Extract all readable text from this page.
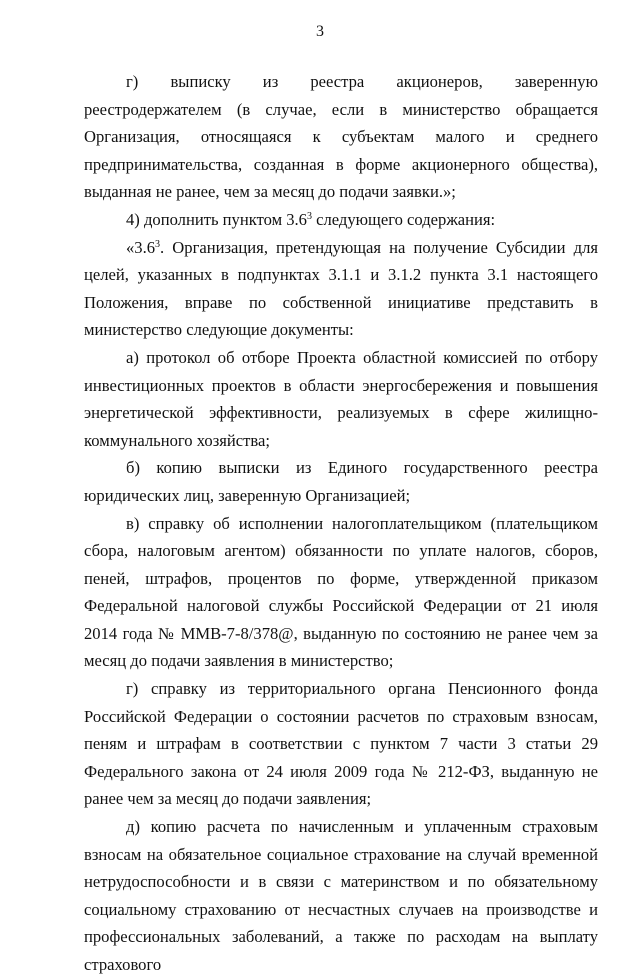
3

г) выписку из реестра акционеров, заверенную реестродержателем (в случае, если в министерство обращается Организация, относящаяся к субъектам малого и среднего предпринимательства, созданная в форме акционерного общества), выданная не ранее, чем за месяц до подачи заявки.»;

4) дополнить пунктом $3.6^3$ следующего содержания:

«$3.6^3$. Организация, претендующая на получение Субсидии для целей, указанных в подпунктах 3.1.1 и 3.1.2 пункта 3.1 настоящего Положения, вправе по собственной инициативе представить в министерство следующие документы:

а) протокол об отборе Проекта областной комиссией по отбору инвестиционных проектов в области энергосбережения и повышения энергетической эффективности, реализуемых в сфере жилищно-коммунального хозяйства;

б) копию выписки из Единого государственного реестра юридических лиц, заверенную Организацией;

в) справку об исполнении налогоплательщиком (плательщиком сбора, налоговым агентом) обязанности по уплате налогов, сборов, пеней, штрафов, процентов по форме, утвержденной приказом Федеральной налоговой службы Российской Федерации от 21 июля 2014 года № ММВ-7-8/378@, выданную по состоянию не ранее чем за месяц до подачи заявления в министерство;

г) справку из территориального органа Пенсионного фонда Российской Федерации о состоянии расчетов по страховым взносам, пеням и штрафам в соответствии с пунктом 7 части 3 статьи 29 Федерального закона от 24 июля 2009 года № 212-ФЗ, выданную не ранее чем за месяц до подачи заявления;

д) копию расчета по начисленным и уплаченным страховым взносам на обязательное социальное страхование на случай временной нетрудоспособности и в связи с материнством и по обязательному социальному страхованию от несчастных случаев на производстве и профессиональных заболеваний, а также по расходам на выплату страхового
